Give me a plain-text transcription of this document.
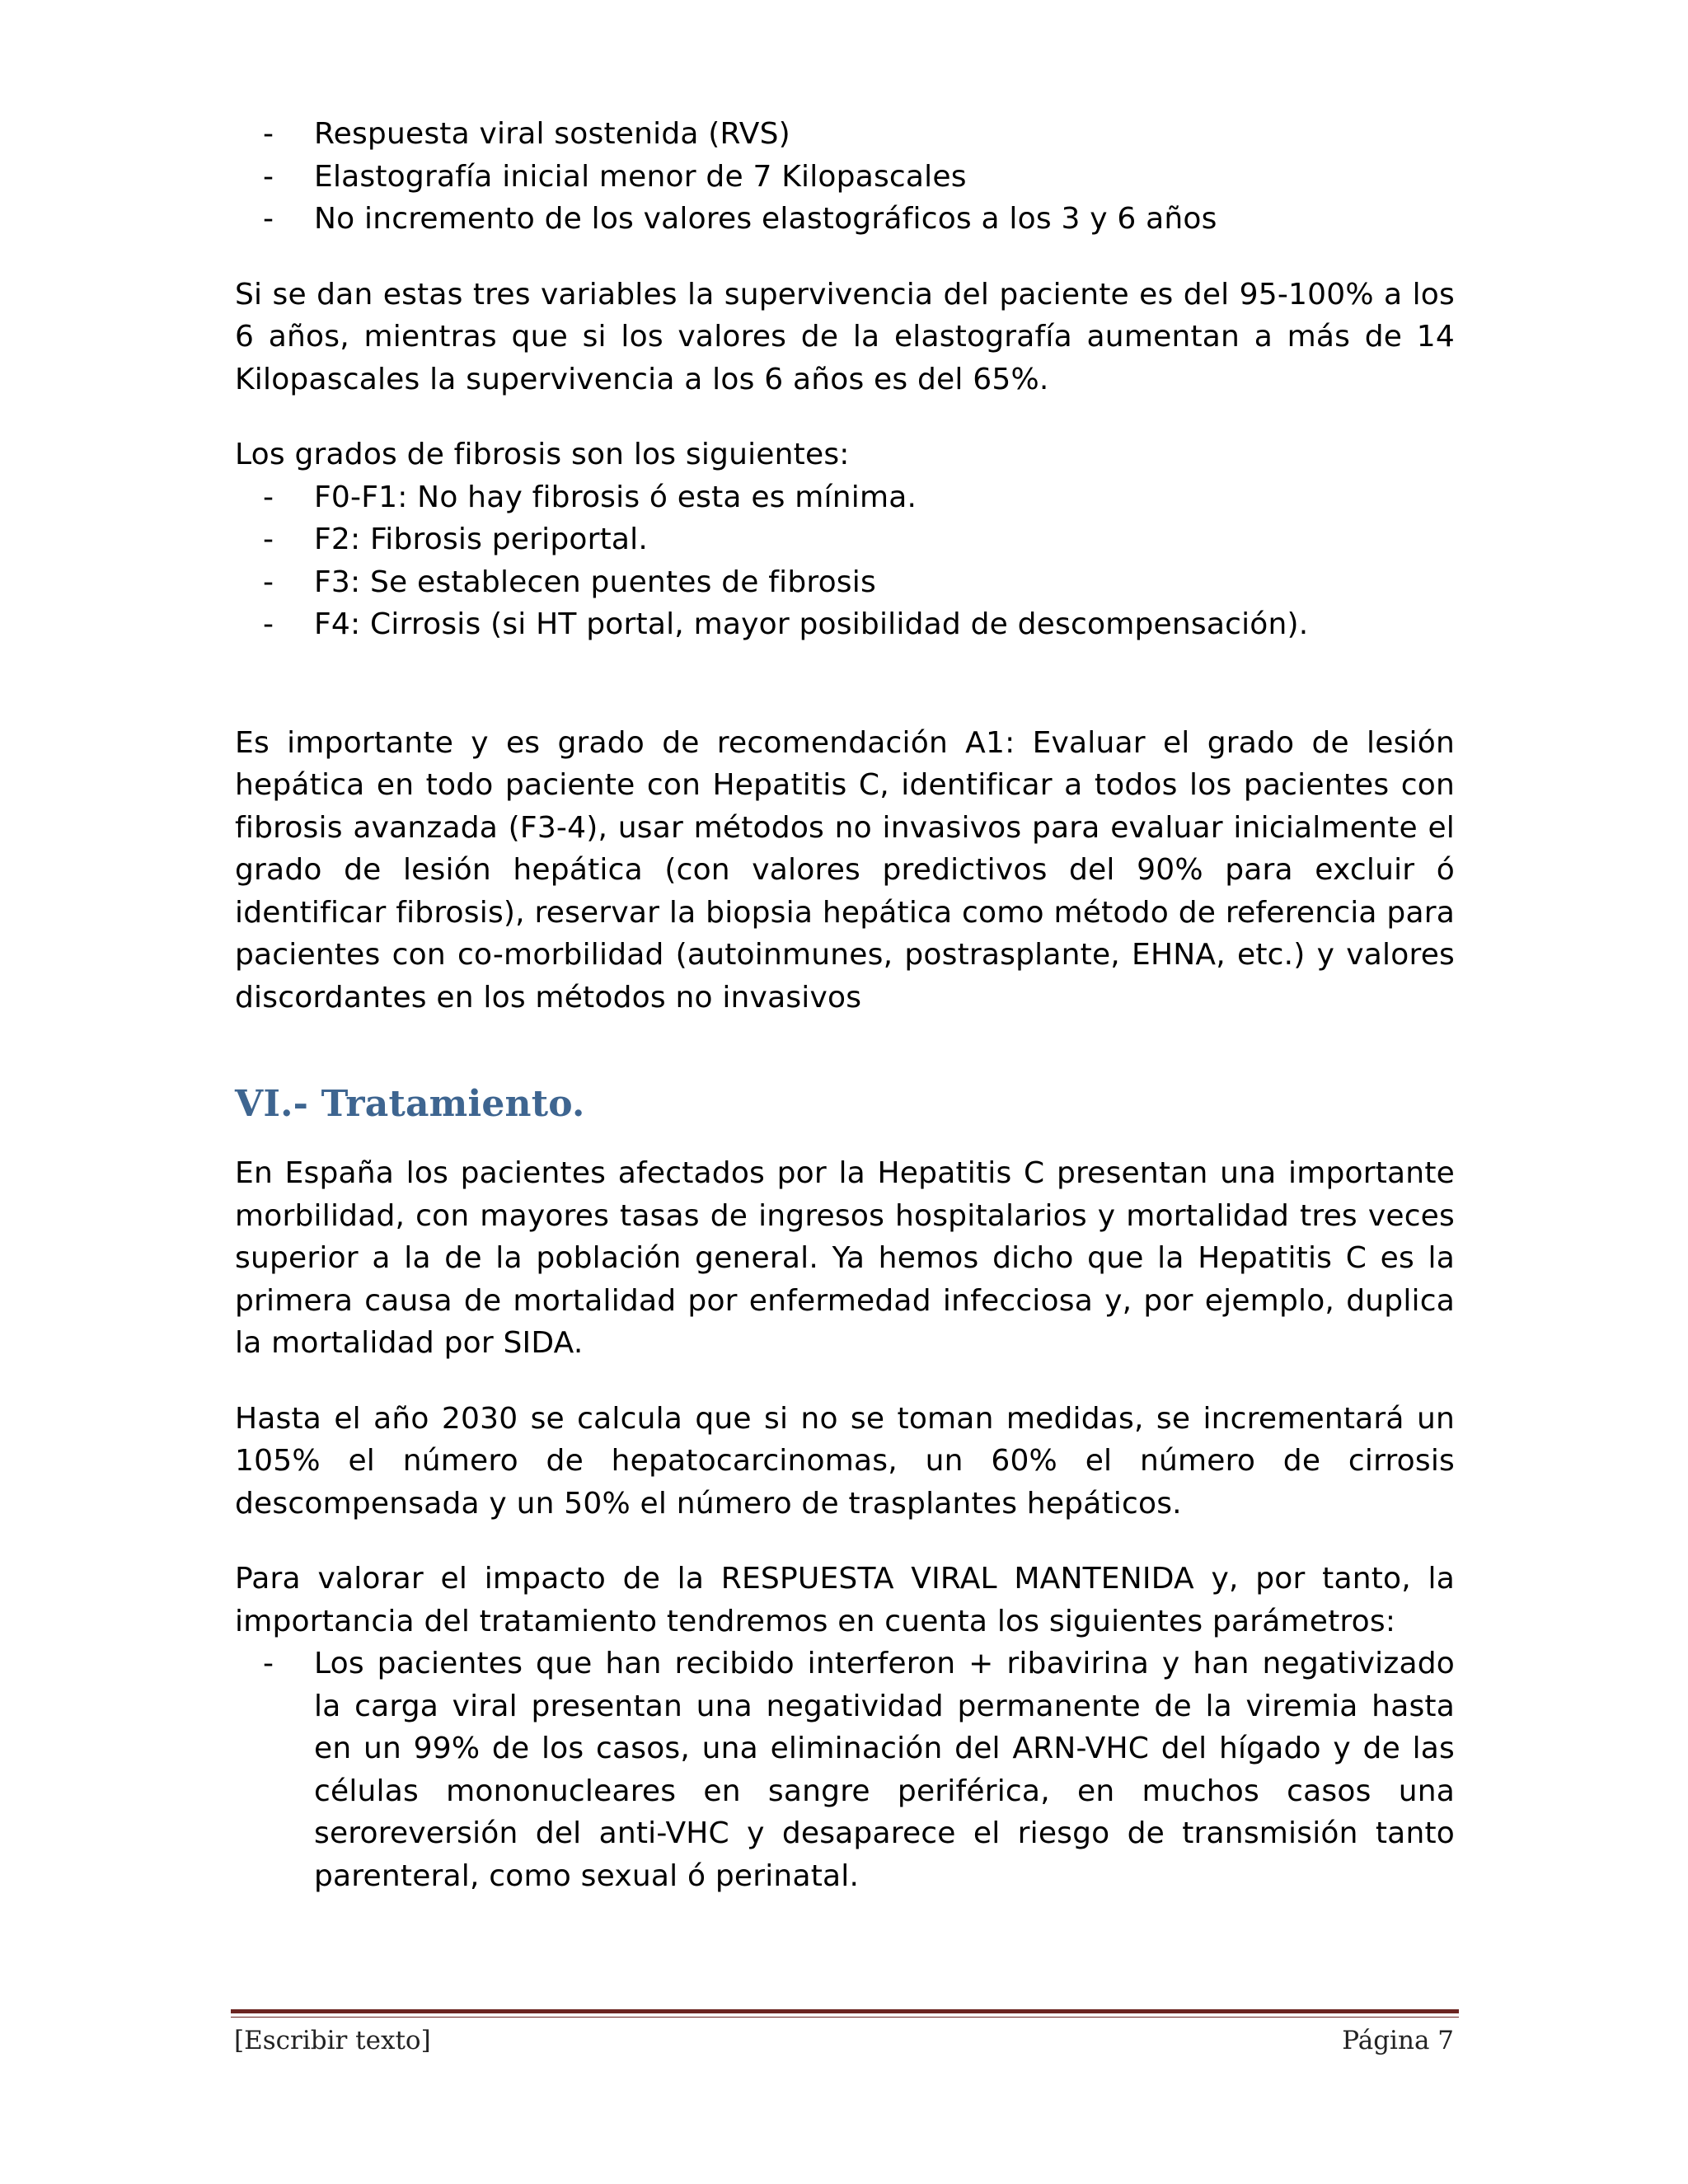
- Respuesta viral sostenida (RVS)
- Elastografía inicial menor de 7 Kilopascales
- No incremento de los valores elastográficos a los 3 y 6 años

Si se dan estas tres variables la supervivencia del paciente es del 95-100% a los 6 años, mientras que si los valores de la elastografía aumentan a más de 14 Kilopascales la supervivencia a los 6 años es del 65%.

Los grados de fibrosis son los siguientes:

- F0-F1: No hay fibrosis ó esta es mínima.
- F2: Fibrosis periportal.
- F3: Se establecen puentes de fibrosis
- F4: Cirrosis (si HT portal, mayor posibilidad de descompensación).

Es importante y es grado de recomendación A1: Evaluar el grado de lesión hepática en todo paciente con Hepatitis C, identificar a todos los pacientes con fibrosis avanzada (F3-4), usar métodos no invasivos para evaluar inicialmente el grado de lesión hepática (con valores predictivos del 90% para excluir ó identificar fibrosis), reservar la biopsia hepática como método de referencia para pacientes con co-morbilidad (autoinmunes, postrasplante, EHNA, etc.) y valores discordantes en los métodos no invasivos

VI.- Tratamiento.

En España los pacientes afectados por la Hepatitis C presentan una importante morbilidad, con mayores tasas de ingresos hospitalarios y mortalidad tres veces superior a la de la población general. Ya hemos dicho que la Hepatitis C es la primera causa de mortalidad por enfermedad infecciosa y, por ejemplo, duplica la mortalidad por SIDA.

Hasta el año 2030 se calcula que si no se toman medidas, se incrementará un 105% el número de hepatocarcinomas, un 60% el número de cirrosis descompensada y un 50% el número de trasplantes hepáticos.

Para valorar el impacto de la RESPUESTA VIRAL MANTENIDA y, por tanto, la importancia del tratamiento tendremos en cuenta los siguientes parámetros:

- Los pacientes que han recibido interferon + ribavirina y han negativizado la carga viral presentan una negatividad permanente de la viremia hasta en un 99% de los casos, una eliminación del ARN-VHC del hígado y de las células mononucleares en sangre periférica, en muchos casos una seroreversión del anti-VHC y desaparece el riesgo de transmisión tanto parenteral, como sexual ó perinatal.
[Escribir texto]	Página 7
